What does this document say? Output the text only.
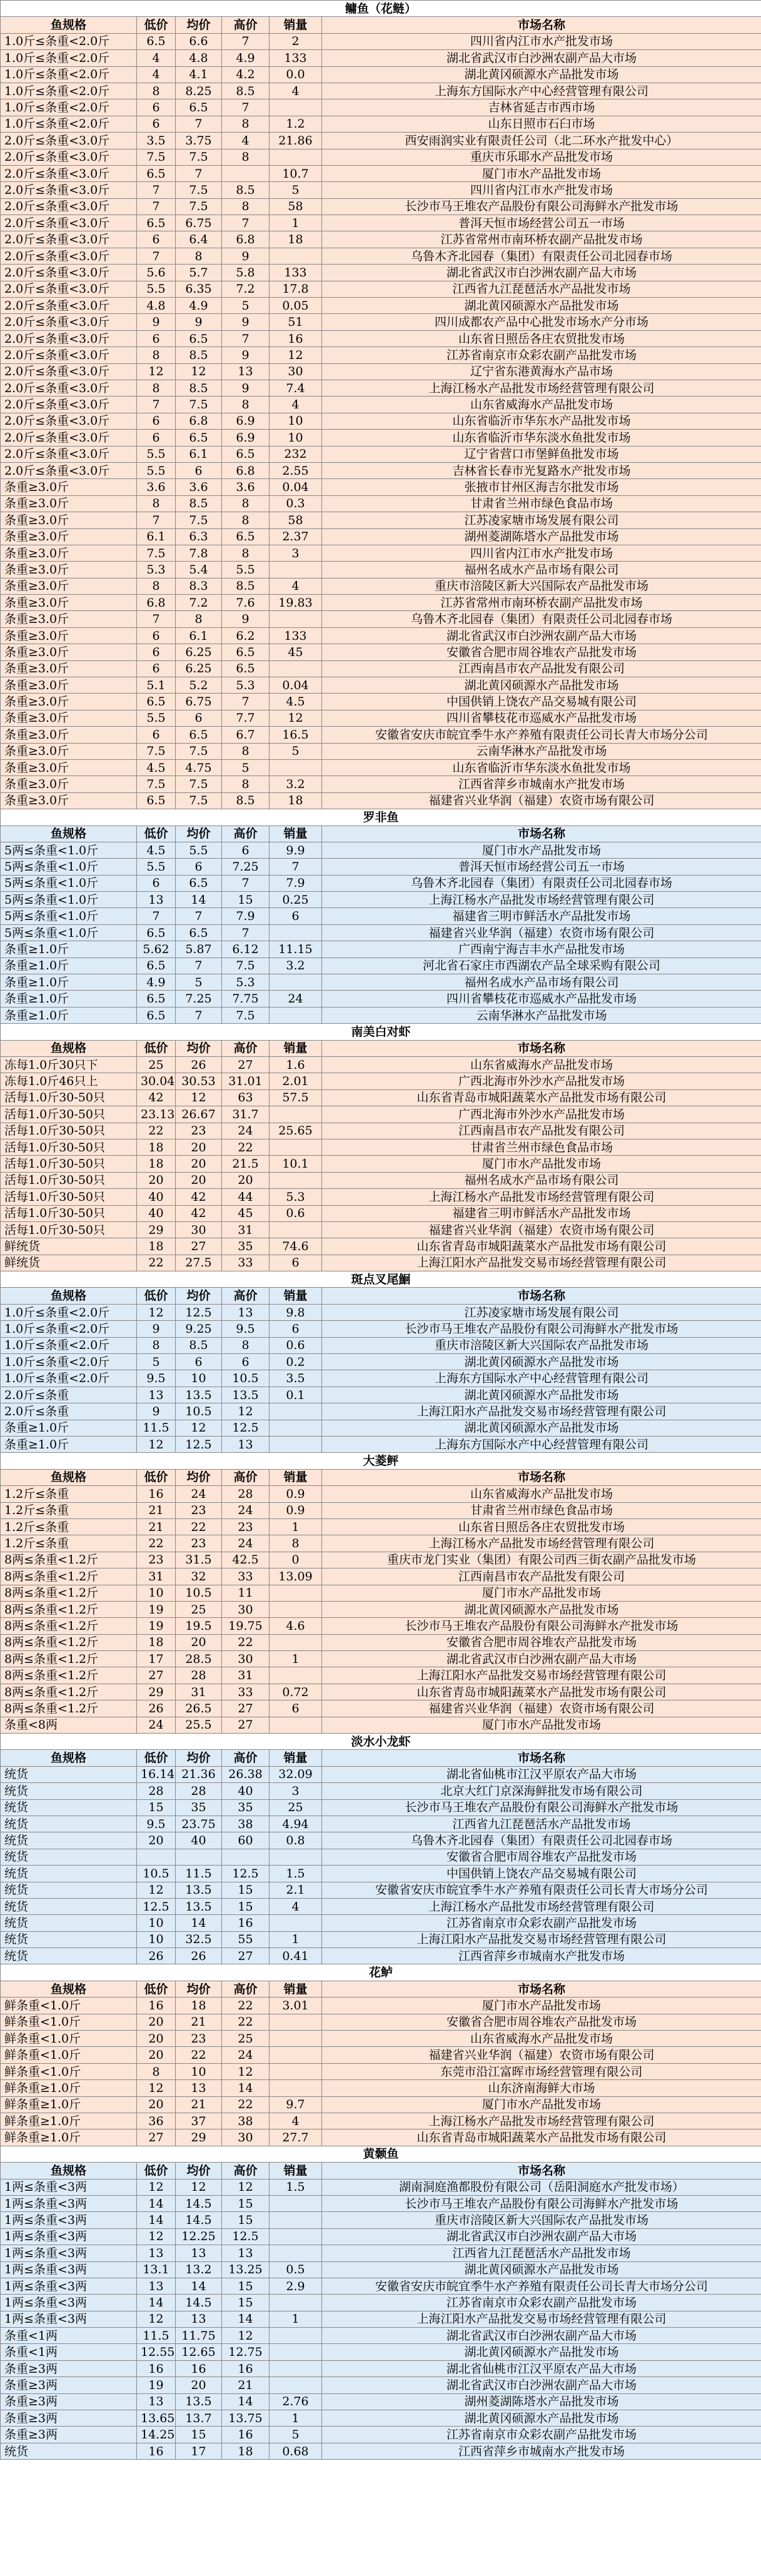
鳙鱼（花鲢）					
鱼规格	低价	均价	高价	销量	市场名称
1.0斤≤条重<2.0斤	6.5	6.6	7	2	四川省内江市水产批发市场
1.0斤≤条重<2.0斤	4	4.8	4.9	133	湖北省武汉市白沙洲农副产品大市场
1.0斤≤条重<2.0斤	4	4.1	4.2	0.0	湖北黄冈硕源水产品批发市场
1.0斤≤条重<2.0斤	8	8.25	8.5	4	上海东方国际水产中心经营管理有限公司
1.0斤≤条重<2.0斤	6	6.5	7		吉林省延吉市西市场
1.0斤≤条重<2.0斤	6	7	8	1.2	山东日照市石臼市场
2.0斤≤条重<3.0斤	3.5	3.75	4	21.86	西安雨润实业有限责任公司（北二环水产批发中心）
2.0斤≤条重<3.0斤	7.5	7.5	8		重庆市乐耶水产品批发市场
2.0斤≤条重<3.0斤	6.5	7		10.7	厦门市水产品批发市场
2.0斤≤条重<3.0斤	7	7.5	8.5	5	四川省内江市水产批发市场
2.0斤≤条重<3.0斤	7	7.5	8	58	长沙市马王堆农产品股份有限公司海鲜水产批发市场
2.0斤≤条重<3.0斤	6.5	6.75	7	1	普洱天恒市场经营公司五一市场
2.0斤≤条重<3.0斤	6	6.4	6.8	18	江苏省常州市南环桥农副产品批发市场
2.0斤≤条重<3.0斤	7	8	9		乌鲁木齐北园春（集团）有限责任公司北园春市场
2.0斤≤条重<3.0斤	5.6	5.7	5.8	133	湖北省武汉市白沙洲农副产品大市场
2.0斤≤条重<3.0斤	5.5	6.35	7.2	17.8	江西省九江琵琶活水产品批发市场
2.0斤≤条重<3.0斤	4.8	4.9	5	0.05	湖北黄冈硕源水产品批发市场
2.0斤≤条重<3.0斤	9	9	9	51	四川成都农产品中心批发市场水产分市场
2.0斤≤条重<3.0斤	6	6.5	7	16	山东省日照岳各庄农贸批发市场
2.0斤≤条重<3.0斤	8	8.5	9	12	江苏省南京市众彩农副产品批发市场
2.0斤≤条重<3.0斤	12	12	13	30	辽宁省东港黄海水产品市场
2.0斤≤条重<3.0斤	8	8.5	9	7.4	上海江杨水产品批发市场经营管理有限公司
2.0斤≤条重<3.0斤	7	7.5	8	4	山东省威海水产品批发市场
2.0斤≤条重<3.0斤	6	6.8	6.9	10	山东省临沂市华东水产品批发市场
2.0斤≤条重<3.0斤	6	6.5	6.9	10	山东省临沂市华东淡水鱼批发市场
2.0斤≤条重<3.0斤	5.5	6.1	6.5	232	辽宁省营口市堡鲜鱼批发市场
2.0斤≤条重<3.0斤	5.5	6	6.8	2.55	吉林省长春市光复路水产批发市场
条重≥3.0斤	3.6	3.6	3.6	0.04	张掖市甘州区海吉尔批发市场
条重≥3.0斤	8	8.5	8	0.3	甘肃省兰州市绿色食品市场
条重≥3.0斤	7	7.5	8	58	江苏凌家塘市场发展有限公司
条重≥3.0斤	6.1	6.3	6.5	2.37	湖州菱湖陈塔水产品批发市场
条重≥3.0斤	7.5	7.8	8	3	四川省内江市水产批发市场
条重≥3.0斤	5.3	5.4	5.5		福州名成水产品市场有限公司
条重≥3.0斤	8	8.3	8.5	4	重庆市涪陵区新大兴国际农产品批发市场
条重≥3.0斤	6.8	7.2	7.6	19.83	江苏省常州市南环桥农副产品批发市场
条重≥3.0斤	7	8	9		乌鲁木齐北园春（集团）有限责任公司北园春市场
条重≥3.0斤	6	6.1	6.2	133	湖北省武汉市白沙洲农副产品大市场
条重≥3.0斤	6	6.25	6.5	45	安徽省合肥市周谷堆农产品批发市场
条重≥3.0斤	6	6.25	6.5		江西南昌市农产品批发有限公司
条重≥3.0斤	5.1	5.2	5.3	0.04	湖北黄冈硕源水产品批发市场
条重≥3.0斤	6.5	6.75	7	4.5	中国供销上饶农产品交易城有限公司
条重≥3.0斤	5.5	6	7.7	12	四川省攀枝花市巡威水产品批发市场
条重≥3.0斤	6	6.5	6.7	16.5	安徽省安庆市皖宜季牛水产养殖有限责任公司长青大市场分公司
条重≥3.0斤	7.5	7.5	8	5	云南华淋水产品批发市场
条重≥3.0斤	4.5	4.75	5		山东省临沂市华东淡水鱼批发市场
条重≥3.0斤	7.5	7.5	8	3.2	江西省萍乡市城南水产批发市场
条重≥3.0斤	6.5	7.5	8.5	18	福建省兴业华润（福建）农资市场有限公司
罗非鱼					
鱼规格	低价	均价	高价	销量	市场名称
5两≤条重<1.0斤	4.5	5.5	6	9.9	厦门市水产品批发市场
5两≤条重<1.0斤	5.5	6	7.25	7	普洱天恒市场经营公司五一市场
5两≤条重<1.0斤	6	6.5	7	7.9	乌鲁木齐北园春（集团）有限责任公司北园春市场
5两≤条重<1.0斤	13	14	15	0.25	上海江杨水产品批发市场经营管理有限公司
5两≤条重<1.0斤	7	7	7.9	6	福建省三明市鲜活水产品批发市场
5两≤条重<1.0斤	6.5	6.5	7		福建省兴业华润（福建）农资市场有限公司
条重≥1.0斤	5.62	5.87	6.12	11.15	广西南宁海吉丰水产品批发市场
条重≥1.0斤	6.5	7	7.5	3.2	河北省石家庄市西湖农产品全球采购有限公司
条重≥1.0斤	4.9	5	5.3		福州名成水产品市场有限公司
条重≥1.0斤	6.5	7.25	7.75	24	四川省攀枝花市巡威水产品批发市场
条重≥1.0斤	6.5	7	7.5		云南华淋水产品批发市场
南美白对虾					
鱼规格	低价	均价	高价	销量	市场名称
冻每1.0斤30只下	25	26	27	1.6	山东省威海水产品批发市场
冻每1.0斤46只上	30.04	30.53	31.01	2.01	广西北海市外沙水产品批发市场
活每1.0斤30-50只	42	12	63	57.5	山东省青岛市城阳蔬菜水产品批发市场有限公司
活每1.0斤30-50只	23.13	26.67	31.7		广西北海市外沙水产品批发市场
活每1.0斤30-50只	22	23	24	25.65	江西南昌市农产品批发有限公司
活每1.0斤30-50只	18	20	22		甘肃省兰州市绿色食品市场
活每1.0斤30-50只	18	20	21.5	10.1	厦门市水产品批发市场
活每1.0斤30-50只	20	20	20		福州名成水产品市场有限公司
活每1.0斤30-50只	40	42	44	5.3	上海江杨水产品批发市场经营管理有限公司
活每1.0斤30-50只	40	42	45	0.6	福建省三明市鲜活水产品批发市场
活每1.0斤30-50只	29	30	31		福建省兴业华润（福建）农资市场有限公司
鲜统货	18	27	35	74.6	山东省青岛市城阳蔬菜水产品批发市场有限公司
鲜统货	22	27.5	33	6	上海江阳水产品批发交易市场经营管理有限公司
斑点叉尾鮰					
鱼规格	低价	均价	高价	销量	市场名称
1.0斤≤条重<2.0斤	12	12.5	13	9.8	江苏凌家塘市场发展有限公司
1.0斤≤条重<2.0斤	9	9.25	9.5	6	长沙市马王堆农产品股份有限公司海鲜水产批发市场
1.0斤≤条重<2.0斤	8	8.5	8	0.6	重庆市涪陵区新大兴国际农产品批发市场
1.0斤≤条重<2.0斤	5	6	6	0.2	湖北黄冈硕源水产品批发市场
1.0斤≤条重<2.0斤	9.5	10	10.5	3.5	上海东方国际水产中心经营管理有限公司
2.0斤≤条重	13	13.5	13.5	0.1	湖北黄冈硕源水产品批发市场
2.0斤≤条重	9	10.5	12		上海江阳水产品批发交易市场经营管理有限公司
条重≥1.0斤	11.5	12	12.5		湖北黄冈硕源水产品批发市场
条重≥1.0斤	12	12.5	13		上海东方国际水产中心经营管理有限公司
大菱鲆					
鱼规格	低价	均价	高价	销量	市场名称
1.2斤≤条重	16	24	28	0.9	山东省威海水产品批发市场
1.2斤≤条重	21	23	24	0.9	甘肃省兰州市绿色食品市场
1.2斤≤条重	21	22	23	1	山东省日照岳各庄农贸批发市场
1.2斤≤条重	22	23	24	8	上海江杨水产品批发市场经营管理有限公司
8两≤条重<1.2斤	23	31.5	42.5	0	重庆市龙门实业（集团）有限公司西三街农副产品批发市场
8两≤条重<1.2斤	31	32	33	13.09	江西南昌市农产品批发有限公司
8两≤条重<1.2斤	10	10.5	11		厦门市水产品批发市场
8两≤条重<1.2斤	19	25	30		湖北黄冈硕源水产品批发市场
8两≤条重<1.2斤	19	19.5	19.75	4.6	长沙市马王堆农产品股份有限公司海鲜水产批发市场
8两≤条重<1.2斤	18	20	22		安徽省合肥市周谷堆农产品批发市场
8两≤条重<1.2斤	17	28.5	30	1	湖北省武汉市白沙洲农副产品大市场
8两≤条重<1.2斤	27	28	31		上海江阳水产品批发交易市场经营管理有限公司
8两≤条重<1.2斤	29	31	33	0.72	山东省青岛市城阳蔬菜水产品批发市场有限公司
8两≤条重<1.2斤	26	26.5	27	6	福建省兴业华润（福建）农资市场有限公司
条重<8两	24	25.5	27		厦门市水产品批发市场
淡水小龙虾					
鱼规格	低价	均价	高价	销量	市场名称
统货	16.14	21.36	26.38	32.09	湖北省仙桃市江汉平原农产品大市场
统货	28	28	40	3	北京大红门京深海鲜批发市场有限公司
统货	15	35	35	25	长沙市马王堆农产品股份有限公司海鲜水产批发市场
统货	9.5	23.75	38	4.94	江西省九江琵琶活水产品批发市场
统货	20	40	60	0.8	乌鲁木齐北园春（集团）有限责任公司北园春市场
统货					安徽省合肥市周谷堆农产品批发市场
统货	10.5	11.5	12.5	1.5	中国供销上饶农产品交易城有限公司
统货	12	13.5	15	2.1	安徽省安庆市皖宜季牛水产养殖有限责任公司长青大市场分公司
统货	12.5	13.5	15	4	上海江杨水产品批发市场经营管理有限公司
统货	10	14	16		江苏省南京市众彩农副产品批发市场
统货	10	32.5	55	1	上海江阳水产品批发交易市场经营管理有限公司
统货	26	26	27	0.41	江西省萍乡市城南水产批发市场
花鲈					
鱼规格	低价	均价	高价	销量	市场名称
鲜条重<1.0斤	16	18	22	3.01	厦门市水产品批发市场
鲜条重<1.0斤	20	21	22		安徽省合肥市周谷堆农产品批发市场
鲜条重<1.0斤	20	23	25		山东省威海水产品批发市场
鲜条重<1.0斤	20	22	24		福建省兴业华润（福建）农资市场有限公司
鲜条重<1.0斤	8	10	12		东莞市沿江富晖市场经营管理有限公司
鲜条重≥1.0斤	12	13	14		山东济南海鲜大市场
鲜条重≥1.0斤	20	21	22	9.7	厦门市水产品批发市场
鲜条重≥1.0斤	36	37	38	4	上海江杨水产品批发市场经营管理有限公司
鲜条重≥1.0斤	27	29	30	27.7	山东省青岛市城阳蔬菜水产品批发市场有限公司
黄颡鱼					
鱼规格	低价	均价	高价	销量	市场名称
1两≤条重<3两	12	12	12	1.5	湖南洞庭渔都股份有限公司（岳阳洞庭水产批发市场）
1两≤条重<3两	14	14.5	15		长沙市马王堆农产品股份有限公司海鲜水产批发市场
1两≤条重<3两	14	14.5	15		重庆市涪陵区新大兴国际农产品批发市场
1两≤条重<3两	12	12.25	12.5		湖北省武汉市白沙洲农副产品大市场
1两≤条重<3两	13	13	13		江西省九江琵琶活水产品批发市场
1两≤条重<3两	13.1	13.2	13.25	0.5	湖北黄冈硕源水产品批发市场
1两≤条重<3两	13	14	15	2.9	安徽省安庆市皖宜季牛水产养殖有限责任公司长青大市场分公司
1两≤条重<3两	14	14.5	15		江苏省南京市众彩农副产品批发市场
1两≤条重<3两	12	13	14	1	上海江阳水产品批发交易市场经营管理有限公司
条重<1两	11.5	11.75	12		湖北省武汉市白沙洲农副产品大市场
条重<1两	12.55	12.65	12.75		湖北黄冈硕源水产品批发市场
条重≥3两	16	16	16		湖北省仙桃市江汉平原农产品大市场
条重≥3两	19	20	21		湖北省武汉市白沙洲农副产品大市场
条重≥3两	13	13.5	14	2.76	湖州菱湖陈塔水产品批发市场
条重≥3两	13.65	13.7	13.75	1	湖北黄冈硕源水产品批发市场
条重≥3两	14.25	15	16	5	江苏省南京市众彩农副产品批发市场
统货	16	17	18	0.68	江西省萍乡市城南水产批发市场
